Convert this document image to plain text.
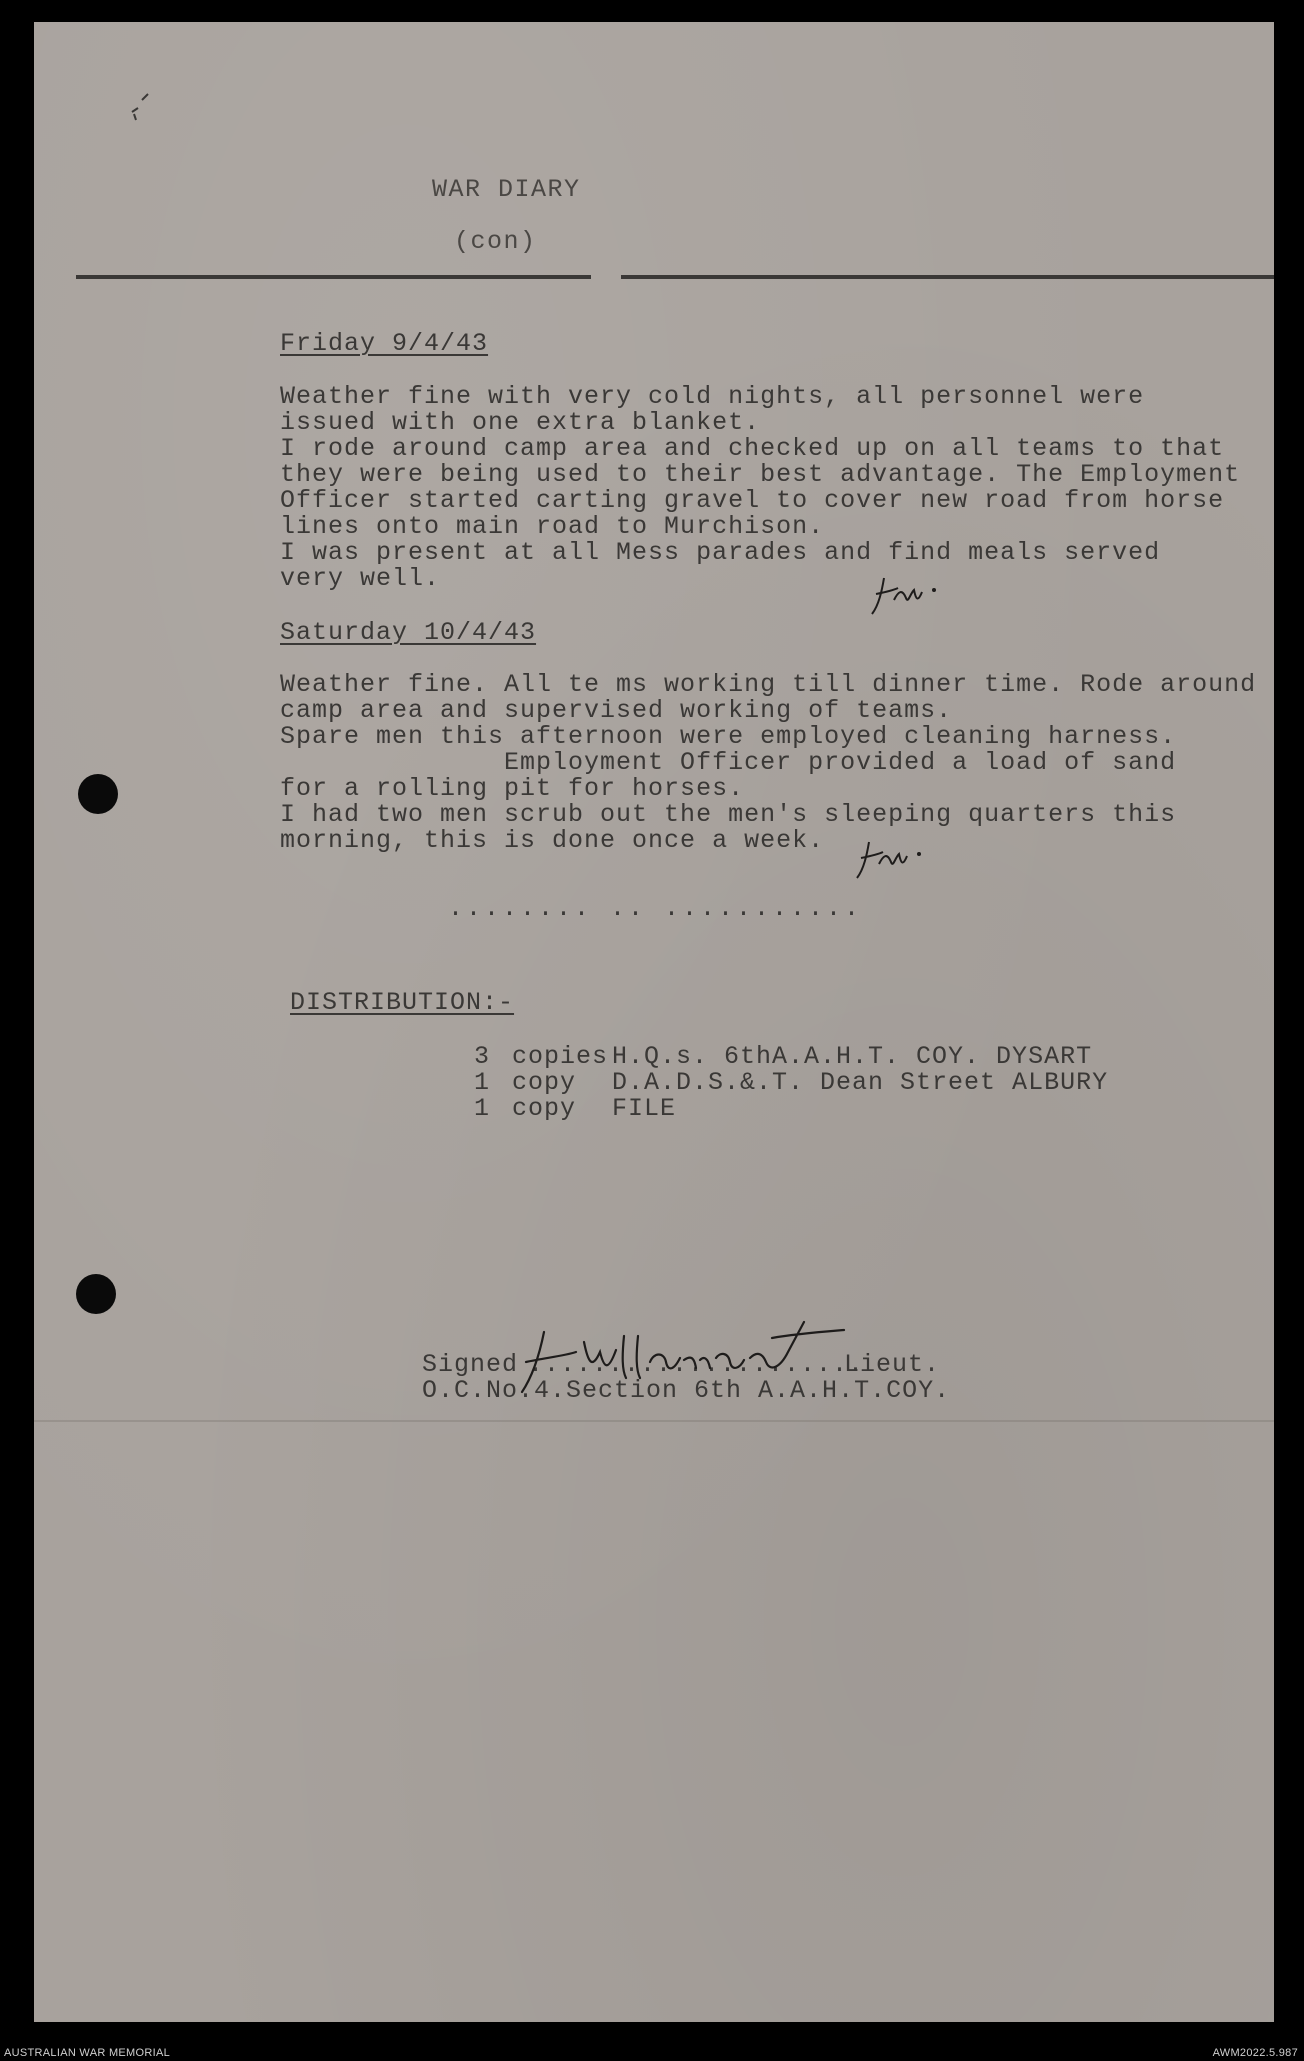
WAR DIARY
(con)
Friday 9/4/43
Weather fine with very cold nights, all personnel were
issued with one extra blanket.
I rode around camp area and checked up on all teams to that
they were being used to their best advantage. The Employment
Officer started carting gravel to cover new road from horse
lines onto main road to Murchison.
I was present at all Mess parades and find meals served
very well.
Saturday 10/4/43
Weather fine. All te ms working till dinner time. Rode around
camp area and supervised working of teams.
Spare men this afternoon were employed cleaning harness.
Employment Officer provided a load of sand
for a rolling pit for horses.
I had two men scrub out the men's sleeping quarters this
morning, this is done once a week.
........ .. ...........
DISTRIBUTION:-
3 copies H.Q.s. 6thA.A.H.T. COY. DYSART
1 copy D.A.D.S.&.T. Dean Street ALBURY
1 copy FILE
Signed .....................
Lieut.
O.C.No.4.Section 6th A.A.H.T.COY.
AUSTRALIAN WAR MEMORIAL	AWM2022.5.987
